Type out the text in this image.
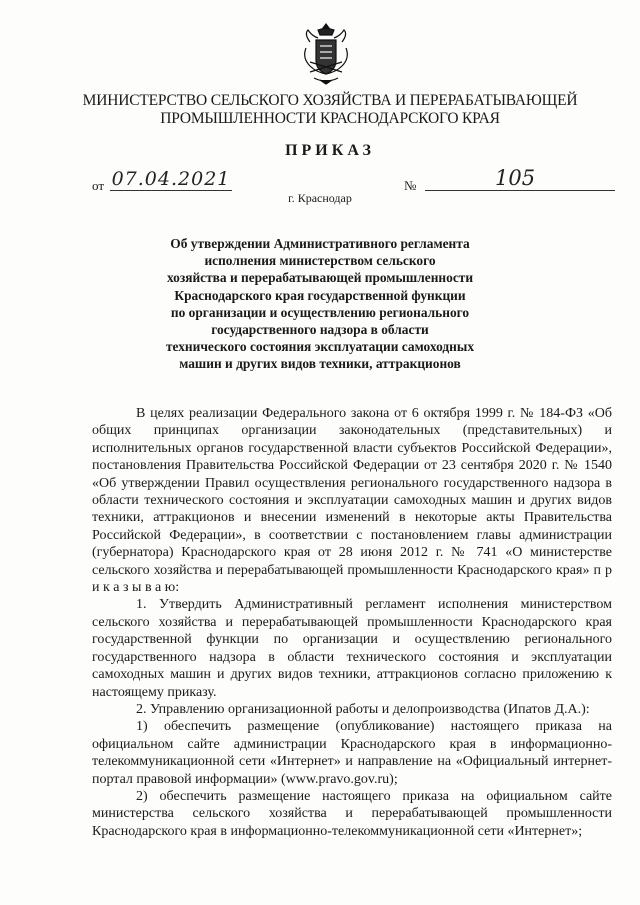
МИНИСТЕРСТВО СЕЛЬСКОГО ХОЗЯЙСТВА И ПЕРЕРАБАТЫВАЮЩЕЙ
ПРОМЫШЛЕННОСТИ КРАСНОДАРСКОГО КРАЯ
ПРИКАЗ
от 07.04.2021	№	105
г. Краснодар
Об утверждении Административного регламента
исполнения министерством сельского
хозяйства и перерабатывающей промышленности
Краснодарского края государственной функции
по организации и осуществлению регионального
государственного надзора в области
технического состояния эксплуатации самоходных
машин и других видов техники, аттракционов

В целях реализации Федерального закона от 6 октября 1999 г. № 184-ФЗ «Об общих принципах организации законодательных (представительных) и исполнительных органов государственной власти субъектов Российской Федерации», постановления Правительства Российской Федерации от 23 сентября 2020 г. № 1540 «Об утверждении Правил осуществления регионального государственного надзора в области технического состояния и эксплуатации самоходных машин и других видов техники, аттракционов и внесении изменений в некоторые акты Правительства Российской Федерации», в соответствии с постановлением главы администрации (губернатора) Краснодарского края от 28 июня 2012 г. № 741 «О министерстве сельского хозяйства и перерабатывающей промышленности Краснодарского края» п р и к а з ы в а ю:

1. Утвердить Административный регламент исполнения министерством сельского хозяйства и перерабатывающей промышленности Краснодарского края государственной функции по организации и осуществлению регионального государственного надзора в области технического состояния и эксплуатации самоходных машин и других видов техники, аттракционов согласно приложению к настоящему приказу.

2. Управлению организационной работы и делопроизводства (Ипатов Д.А.):

1) обеспечить размещение (опубликование) настоящего приказа на официальном сайте администрации Краснодарского края в информационно-телекоммуникационной сети «Интернет» и направление на «Официальный интернет-портал правовой информации» (www.pravo.gov.ru);

2) обеспечить размещение настоящего приказа на официальном сайте министерства сельского хозяйства и перерабатывающей промышленности Краснодарского края в информационно-телекоммуникационной сети «Интернет»;
